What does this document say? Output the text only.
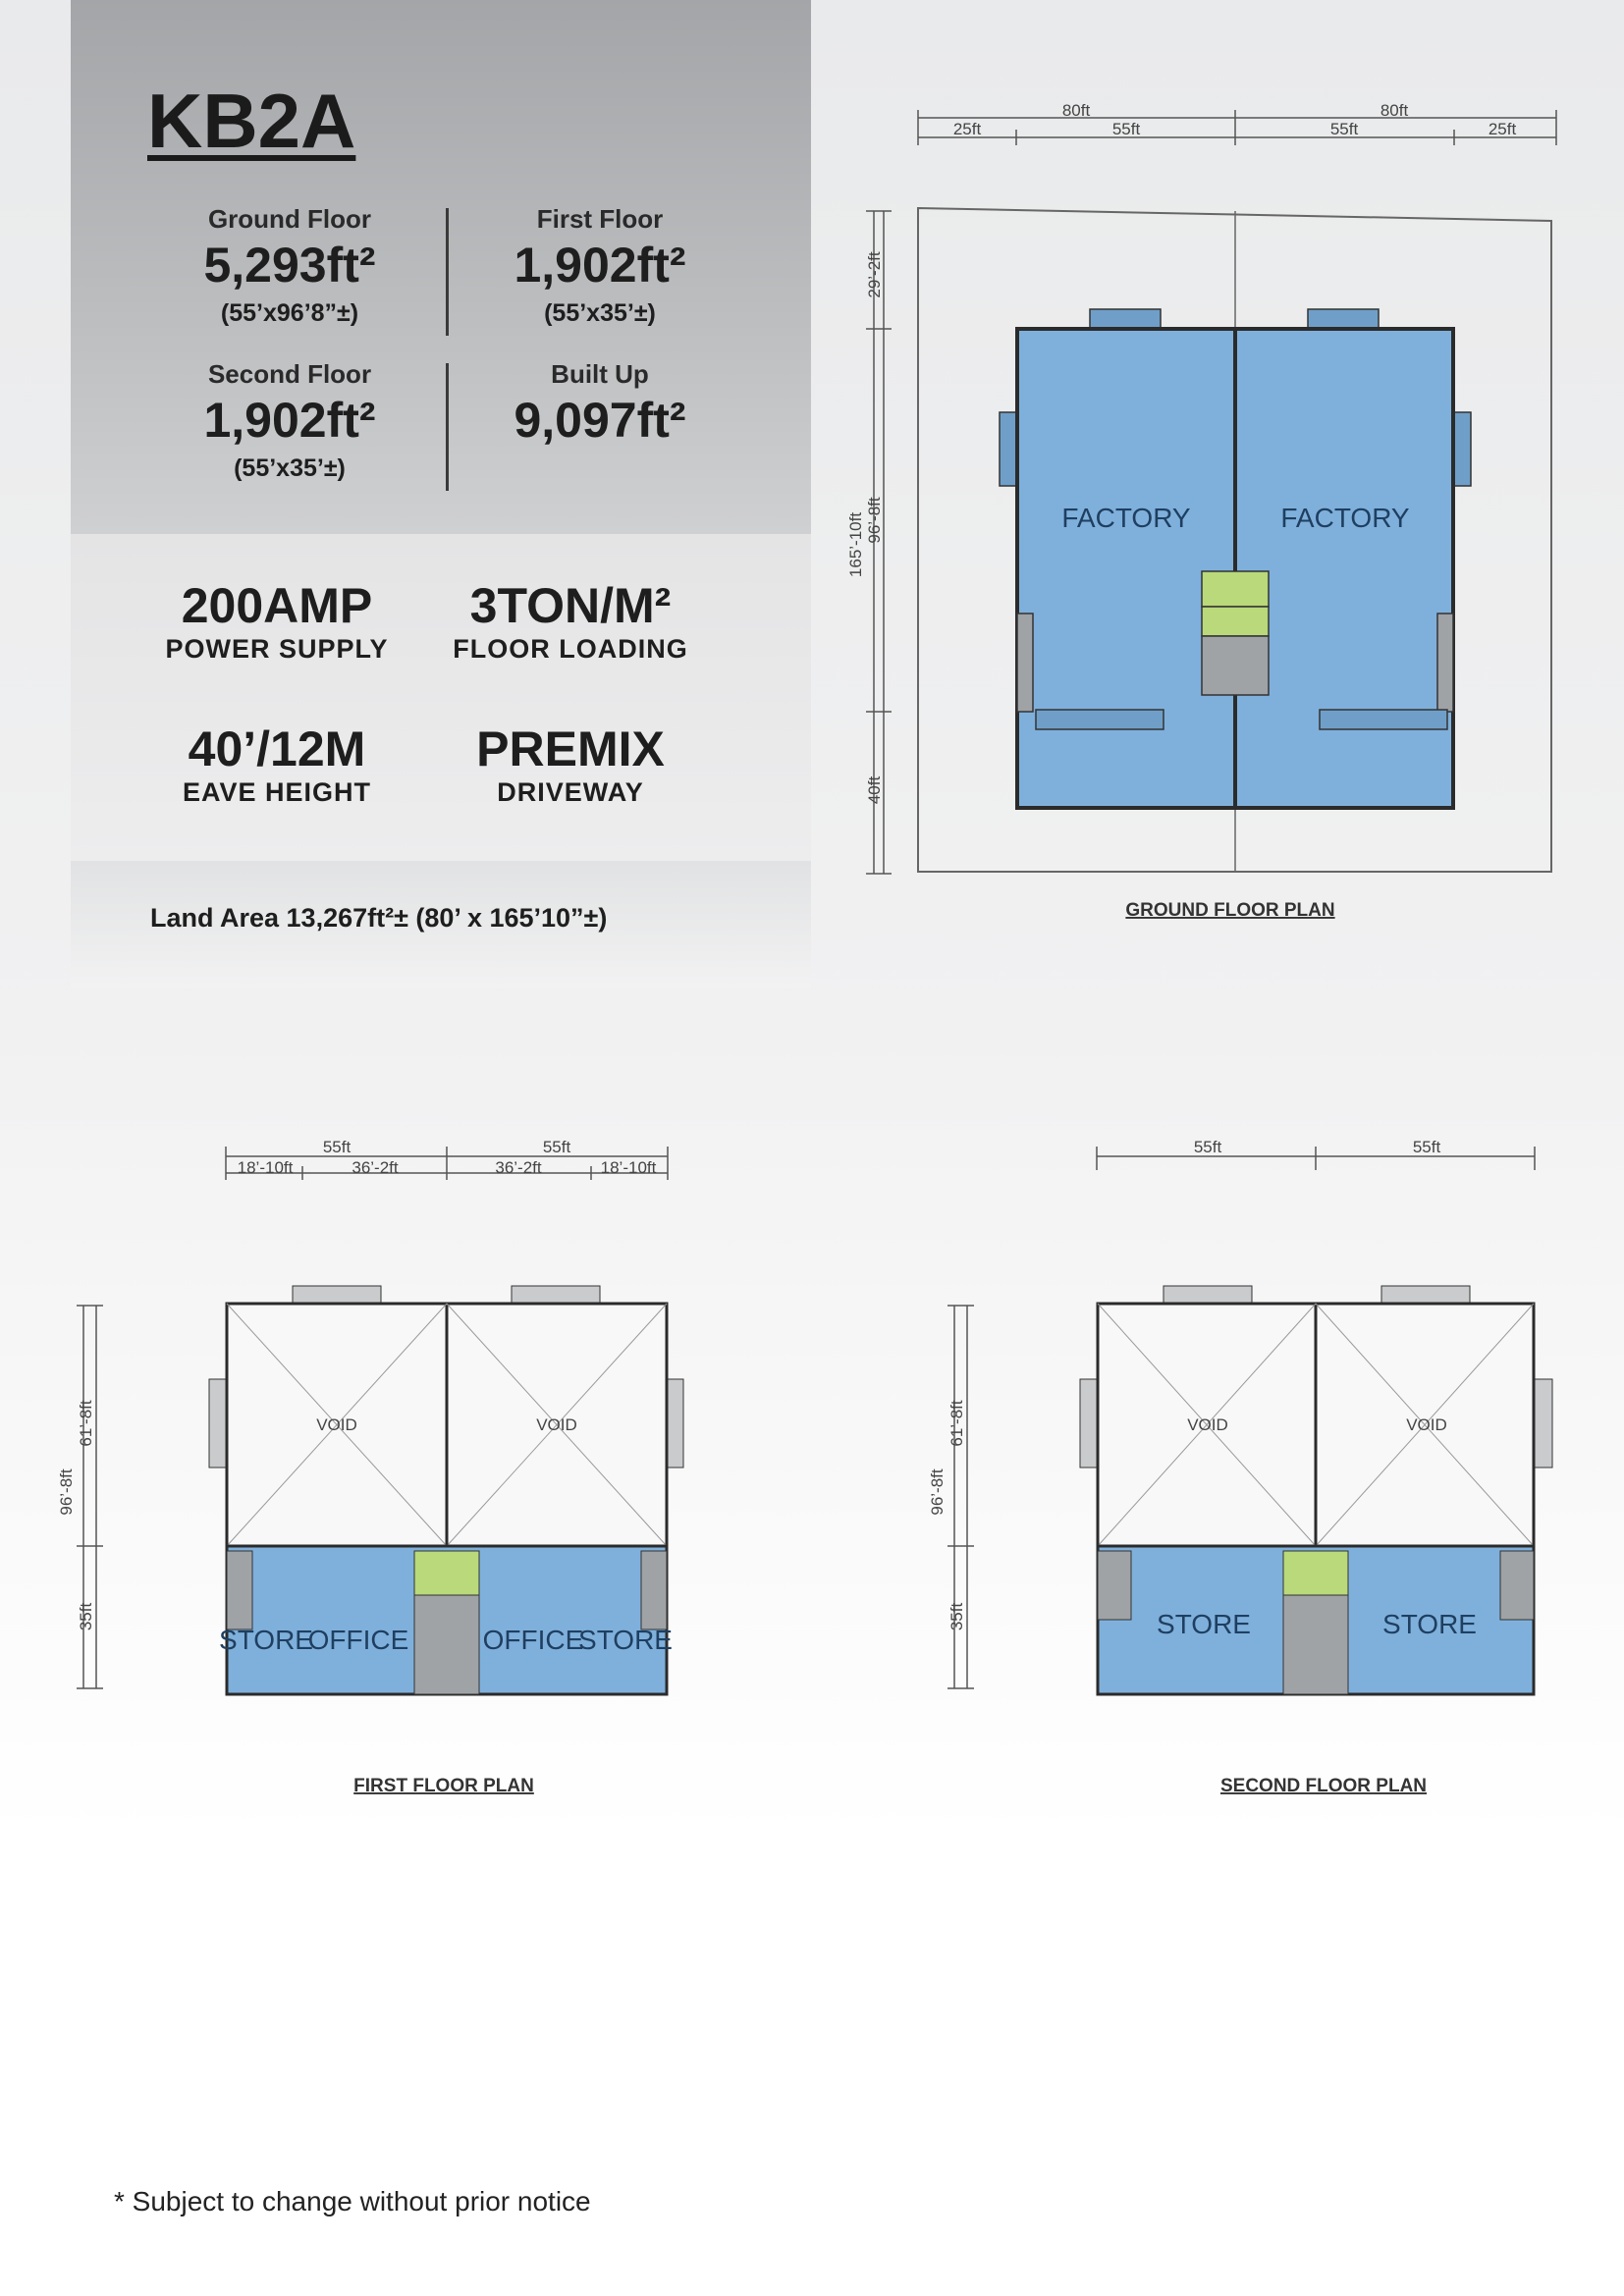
KB2A
Ground Floor
5,293ft²
(55’x96’8”±)
First Floor
1,902ft²
(55’x35’±)
Second Floor
1,902ft²
(55’x35’±)
Built Up
9,097ft²
200AMP
POWER SUPPLY
3TON/M²
FLOOR LOADING
40’/12M
EAVE HEIGHT
PREMIX
DRIVEWAY
Land Area 13,267ft²± (80’ x 165’10”±)
80ft	80ft
25ft	55ft	55ft	25ft
29’-2ft
165’-10ft 96’-8ft
40ft
FACTORY	FACTORY
GROUND FLOOR PLAN
55ft	55ft
18’-10ft	36’-2ft	36’-2ft	18’-10ft
61’-8ft
96’-8ft
35ft
VOID	VOID
STORE
OFFICE	OFFICE
STORE
FIRST FLOOR PLAN
55ft	55ft
61’-8ft
96’-8ft
35ft
VOID	VOID
STORE	STORE
SECOND FLOOR PLAN
* Subject to change without prior notice
